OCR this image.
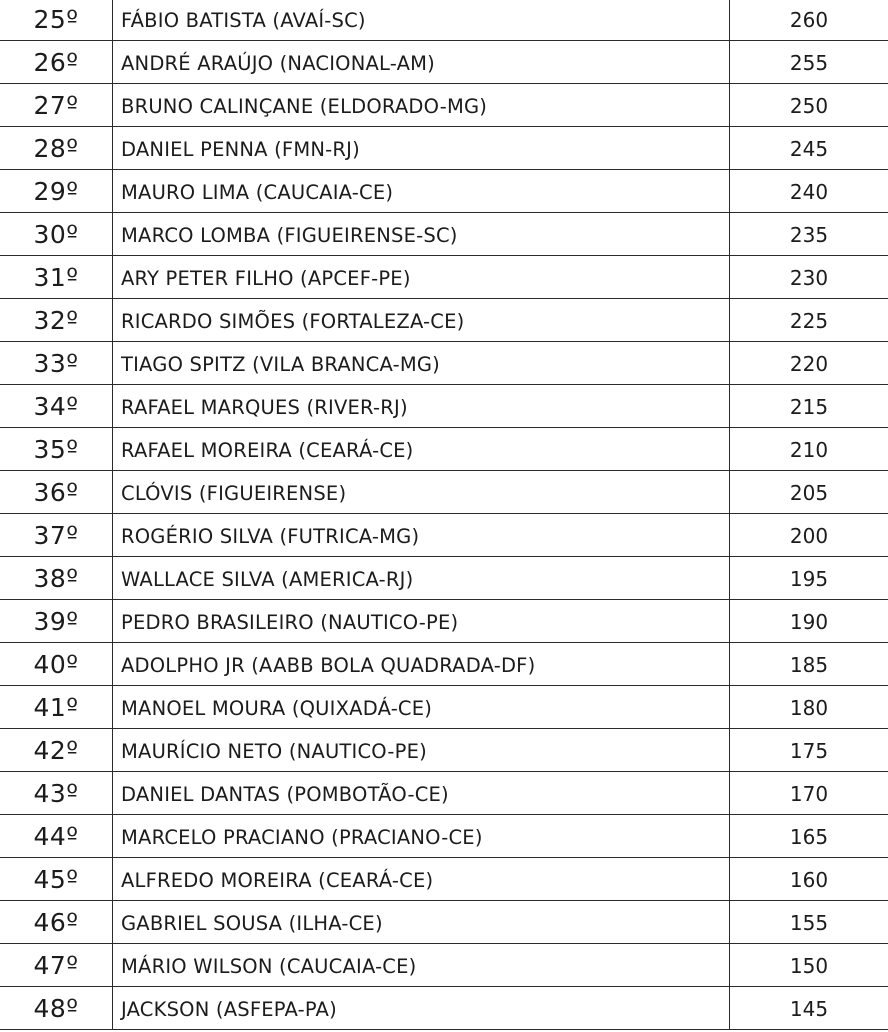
25º	FÁBIO BATISTA (AVAÍ-SC)	260
26º	ANDRÉ ARAÚJO (NACIONAL-AM)	255
27º	BRUNO CALINÇANE (ELDORADO-MG)	250
28º	DANIEL PENNA (FMN-RJ)	245
29º	MAURO LIMA (CAUCAIA-CE)	240
30º	MARCO LOMBA (FIGUEIRENSE-SC)	235
31º	ARY PETER FILHO (APCEF-PE)	230
32º	RICARDO SIMÕES (FORTALEZA-CE)	225
33º	TIAGO SPITZ (VILA BRANCA-MG)	220
34º	RAFAEL MARQUES (RIVER-RJ)	215
35º	RAFAEL MOREIRA (CEARÁ-CE)	210
36º	CLÓVIS (FIGUEIRENSE)	205
37º	ROGÉRIO SILVA (FUTRICA-MG)	200
38º	WALLACE SILVA (AMERICA-RJ)	195
39º	PEDRO BRASILEIRO (NAUTICO-PE)	190
40º	ADOLPHO JR (AABB BOLA QUADRADA-DF)	185
41º	MANOEL MOURA (QUIXADÁ-CE)	180
42º	MAURÍCIO NETO (NAUTICO-PE)	175
43º	DANIEL DANTAS (POMBOTÃO-CE)	170
44º	MARCELO PRACIANO (PRACIANO-CE)	165
45º	ALFREDO MOREIRA (CEARÁ-CE)	160
46º	GABRIEL SOUSA (ILHA-CE)	155
47º	MÁRIO WILSON (CAUCAIA-CE)	150
48º	JACKSON (ASFEPA-PA)	145
